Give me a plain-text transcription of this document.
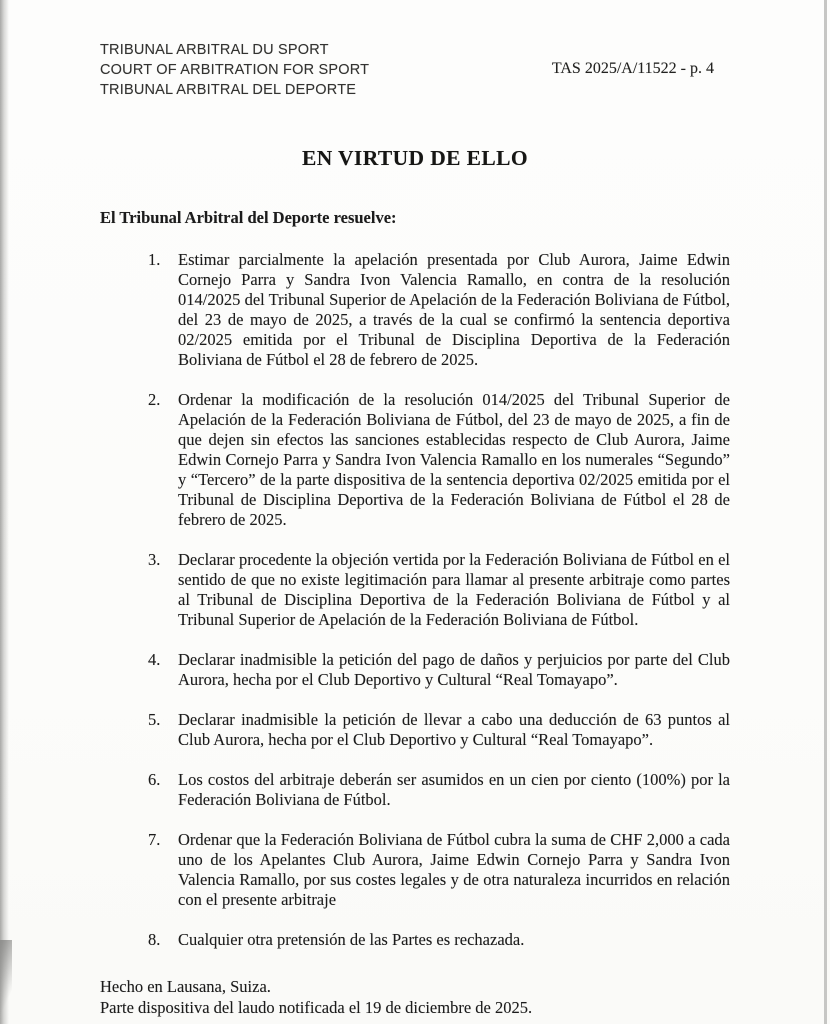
TRIBUNAL ARBITRAL DU SPORT
COURT OF ARBITRATION FOR SPORT
TRIBUNAL ARBITRAL DEL DEPORTE
TAS 2025/A/11522 - p. 4
EN VIRTUD DE ELLO

El Tribunal Arbitral del Deporte resuelve:

1.	Estimar parcialmente la apelación presentada por Club Aurora, Jaime Edwin Cornejo Parra y Sandra Ivon Valencia Ramallo, en contra de la resolución 014/2025 del Tribunal Superior de Apelación de la Federación Boliviana de Fútbol, del 23 de mayo de 2025, a través de la cual se confirmó la sentencia deportiva 02/2025 emitida por el Tribunal de Disciplina Deportiva de la Federación Boliviana de Fútbol el 28 de febrero de 2025.
2.	Ordenar la modificación de la resolución 014/2025 del Tribunal Superior de Apelación de la Federación Boliviana de Fútbol, del 23 de mayo de 2025, a fin de que dejen sin efectos las sanciones establecidas respecto de Club Aurora, Jaime Edwin Cornejo Parra y Sandra Ivon Valencia Ramallo en los numerales “Segundo” y “Tercero” de la parte dispositiva de la sentencia deportiva 02/2025 emitida por el Tribunal de Disciplina Deportiva de la Federación Boliviana de Fútbol el 28 de febrero de 2025.
3.	Declarar procedente la objeción vertida por la Federación Boliviana de Fútbol en el sentido de que no existe legitimación para llamar al presente arbitraje como partes al Tribunal de Disciplina Deportiva de la Federación Boliviana de Fútbol y al Tribunal Superior de Apelación de la Federación Boliviana de Fútbol.
4.	Declarar inadmisible la petición del pago de daños y perjuicios por parte del Club Aurora, hecha por el Club Deportivo y Cultural “Real Tomayapo”.
5.	Declarar inadmisible la petición de llevar a cabo una deducción de 63 puntos al Club Aurora, hecha por el Club Deportivo y Cultural “Real Tomayapo”.
6.	Los costos del arbitraje deberán ser asumidos en un cien por ciento (100%) por la Federación Boliviana de Fútbol.
7.	Ordenar que la Federación Boliviana de Fútbol cubra la suma de CHF 2,000 a cada uno de los Apelantes Club Aurora, Jaime Edwin Cornejo Parra y Sandra Ivon Valencia Ramallo, por sus costes legales y de otra naturaleza incurridos en relación con el presente arbitraje
8.	Cualquier otra pretensión de las Partes es rechazada.
Hecho en Lausana, Suiza.
Parte dispositiva del laudo notificada el 19 de diciembre de 2025.
